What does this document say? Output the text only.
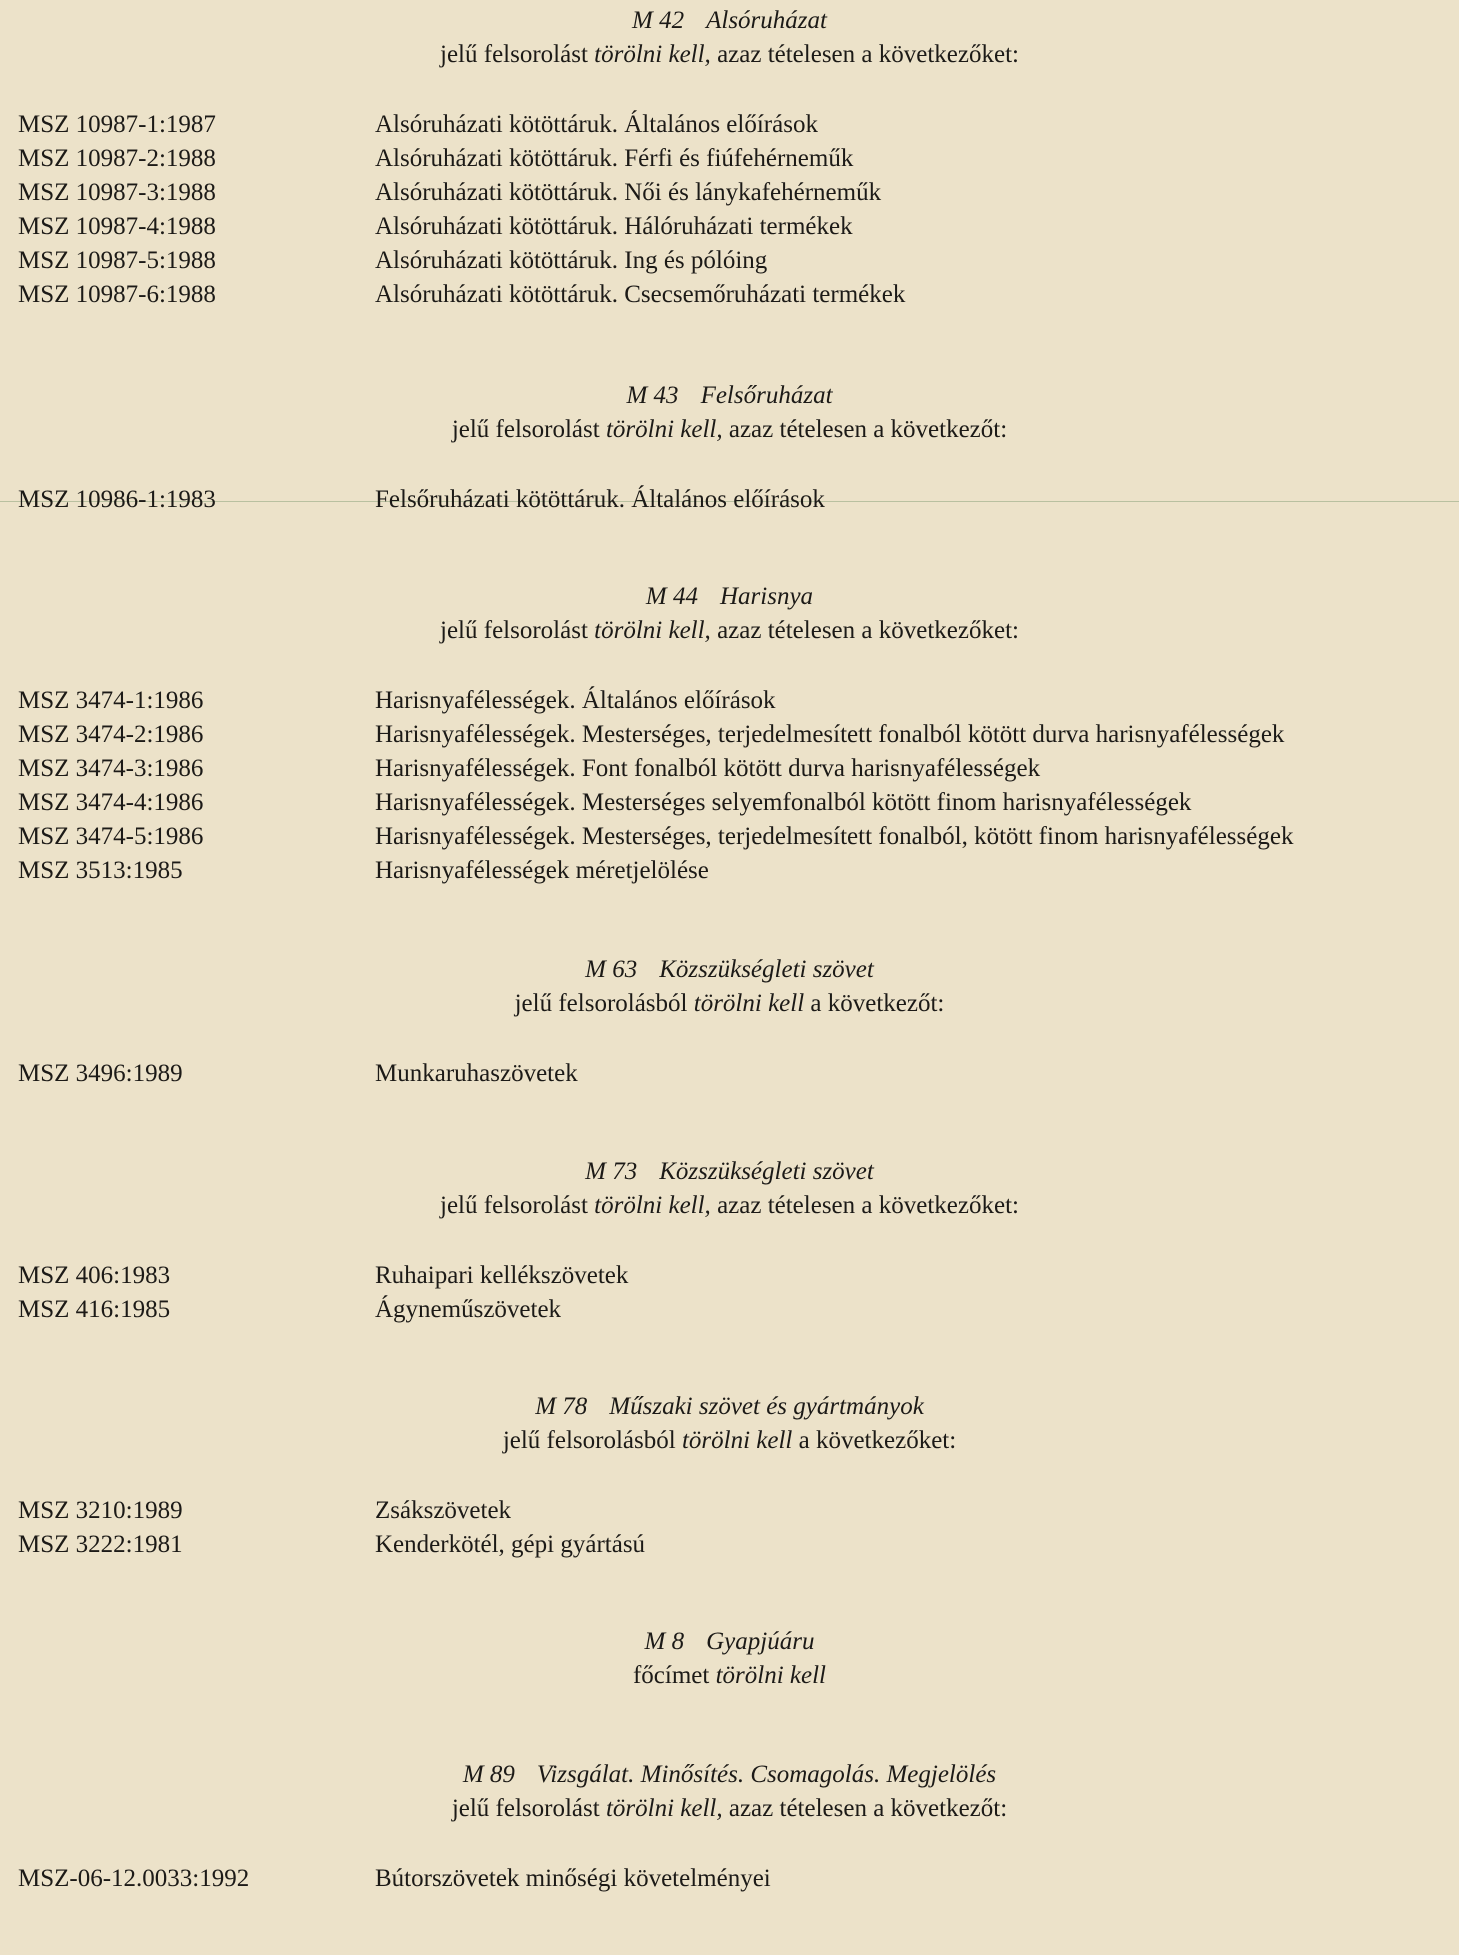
M 42 Alsóruházat
jelű felsorolást törölni kell, azaz tételesen a következőket:
MSZ 10987-1:1987	Alsóruházati kötöttáruk. Általános előírások
MSZ 10987-2:1988	Alsóruházati kötöttáruk. Férfi és fiúfehérneműk
MSZ 10987-3:1988	Alsóruházati kötöttáruk. Női és lánykafehérneműk
MSZ 10987-4:1988	Alsóruházati kötöttáruk. Hálóruházati termékek
MSZ 10987-5:1988	Alsóruházati kötöttáruk. Ing és pólóing
MSZ 10987-6:1988	Alsóruházati kötöttáruk. Csecsemőruházati termékek
M 43 Felsőruházat
jelű felsorolást törölni kell, azaz tételesen a következőt:
MSZ 10986-1:1983	Felsőruházati kötöttáruk. Általános előírások
M 44 Harisnya
jelű felsorolást törölni kell, azaz tételesen a következőket:
MSZ 3474-1:1986	Harisnyafélességek. Általános előírások
MSZ 3474-2:1986	Harisnyafélességek. Mesterséges, terjedelmesített fonalból kötött durva harisnyafélességek
MSZ 3474-3:1986	Harisnyafélességek. Font fonalból kötött durva harisnyafélességek
MSZ 3474-4:1986	Harisnyafélességek. Mesterséges selyemfonalból kötött finom harisnyafélességek
MSZ 3474-5:1986	Harisnyafélességek. Mesterséges, terjedelmesített fonalból, kötött finom harisnyafélességek
MSZ 3513:1985	Harisnyafélességek méretjelölése
M 63 Közszükségleti szövet
jelű felsorolásból törölni kell a következőt:
MSZ 3496:1989	Munkaruhaszövetek
M 73 Közszükségleti szövet
jelű felsorolást törölni kell, azaz tételesen a következőket:
MSZ 406:1983	Ruhaipari kellékszövetek
MSZ 416:1985	Ágyneműszövetek
M 78 Műszaki szövet és gyártmányok
jelű felsorolásból törölni kell a következőket:
MSZ 3210:1989	Zsákszövetek
MSZ 3222:1981	Kenderkötél, gépi gyártású
M 8 Gyapjúáru
főcímet törölni kell
M 89 Vizsgálat. Minősítés. Csomagolás. Megjelölés
jelű felsorolást törölni kell, azaz tételesen a következőt:
MSZ-06-12.0033:1992	Bútorszövetek minőségi követelményei
